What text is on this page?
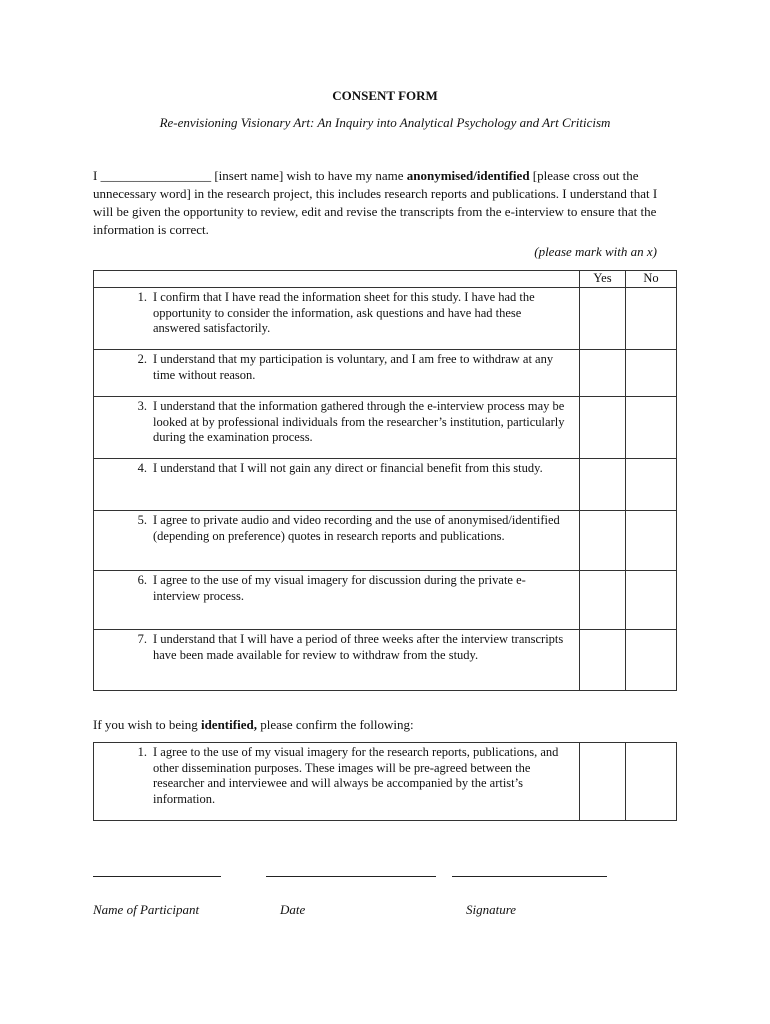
CONSENT FORM
Re-envisioning Visionary Art: An Inquiry into Analytical Psychology and Art Criticism
I _________________ [insert name] wish to have my name anonymised/identified [please cross out the unnecessary word] in the research project, this includes research reports and publications. I understand that I will be given the opportunity to review, edit and revise the transcripts from the e-interview to ensure that the information is correct.
(please mark with an x)
	Yes	No

1. I confirm that I have read the information sheet for this study. I have had the opportunity to consider the information, ask questions and have had these answered satisfactorily.		

2. I understand that my participation is voluntary, and I am free to withdraw at any time without reason.		

3. I understand that the information gathered through the e-interview process may be looked at by professional individuals from the researcher’s institution, particularly during the examination process.		

4. I understand that I will not gain any direct or financial benefit from this study.		

5. I agree to private audio and video recording and the use of anonymised/identified (depending on preference) quotes in research reports and publications.		

6. I agree to the use of my visual imagery for discussion during the private e-interview process.		

7. I understand that I will have a period of three weeks after the interview transcripts have been made available for review to withdraw from the study.		

If you wish to being identified, please confirm the following:
1. I agree to the use of my visual imagery for the research reports, publications, and other dissemination purposes. These images will be pre-agreed between the researcher and interviewee and will always be accompanied by the artist’s information.

Name of Participant	Date	Signature
